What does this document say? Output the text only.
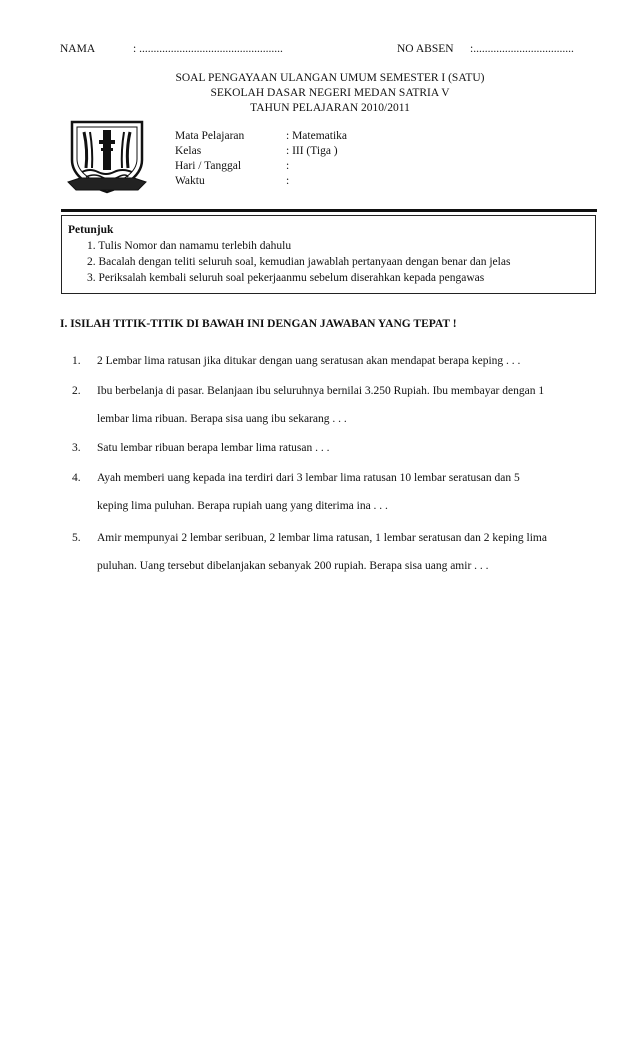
NAMA	: ..................................................	NO ABSEN :...................................
SOAL PENGAYAAN ULANGAN UMUM SEMESTER I (SATU)
SEKOLAH DASAR NEGERI MEDAN SATRIA V
TAHUN PELAJARAN 2010/2011
Mata Pelajaran	: Matematika
Kelas	: III (Tiga )
Hari / Tanggal	:
Waktu	:
Petunjuk
1. Tulis Nomor dan namamu terlebih dahulu
2. Bacalah dengan teliti seluruh soal, kemudian jawablah pertanyaan dengan benar dan jelas
3. Periksalah kembali seluruh soal pekerjaanmu sebelum diserahkan kepada pengawas
I. ISILAH TITIK-TITIK DI BAWAH INI DENGAN JAWABAN YANG TEPAT !
1. 2 Lembar lima ratusan jika ditukar dengan uang seratusan akan mendapat berapa keping . . .
2. Ibu berbelanja di pasar. Belanjaan ibu seluruhnya bernilai 3.250 Rupiah. Ibu membayar dengan 1
lembar lima ribuan. Berapa sisa uang ibu sekarang . . .
3. Satu lembar ribuan berapa lembar lima ratusan . . .
4. Ayah memberi uang kepada ina terdiri dari 3 lembar lima ratusan 10 lembar seratusan dan 5
keping lima puluhan. Berapa rupiah uang yang diterima ina . . .
5. Amir mempunyai 2 lembar seribuan, 2 lembar lima ratusan, 1 lembar seratusan dan 2 keping lima
puluhan. Uang tersebut dibelanjakan sebanyak 200 rupiah. Berapa sisa uang amir . . .
